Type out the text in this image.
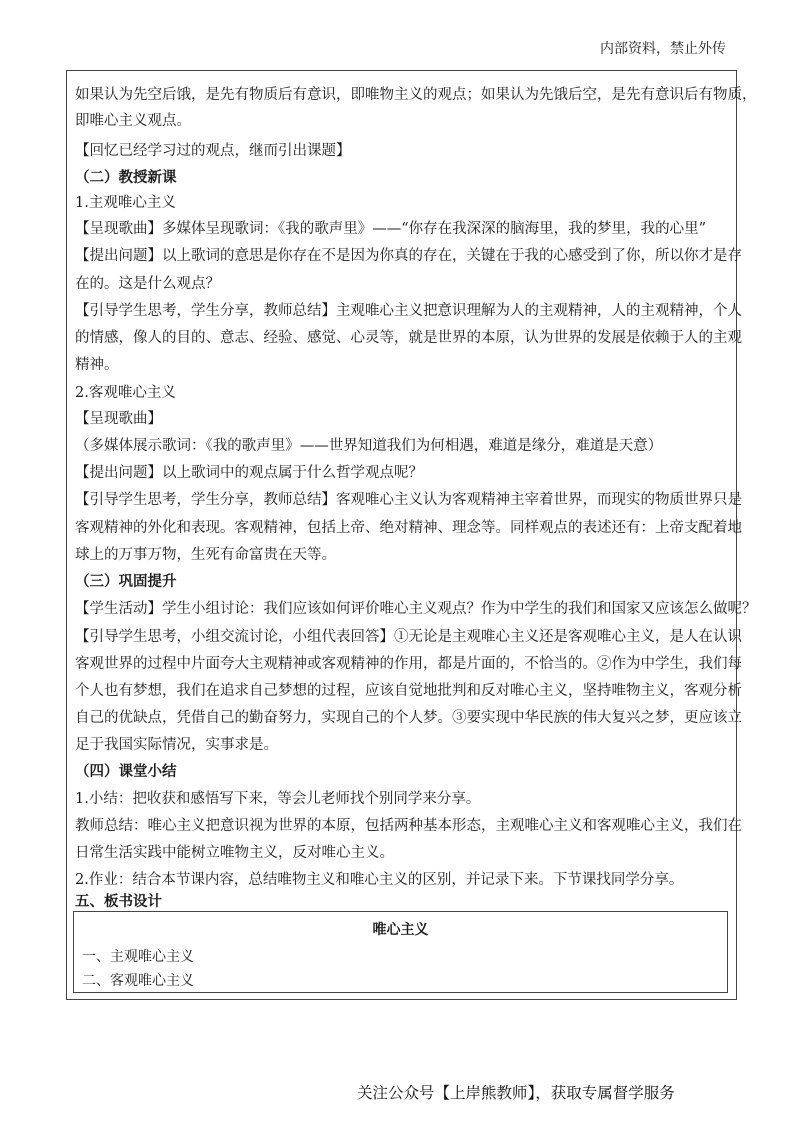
内部资料，禁止外传
如果认为先空后饿，是先有物质后有意识，即唯物主义的观点；如果认为先饿后空，是先有意识后有物质，
即唯心主义观点。
【回忆已经学习过的观点，继而引出课题】
（二）教授新课
1.主观唯心主义
【呈现歌曲】多媒体呈现歌词：《我的歌声里》——“你存在我深深的脑海里，我的梦里，我的心里”
【提出问题】以上歌词的意思是你存在不是因为你真的存在，关键在于我的心感受到了你，所以你才是存
在的。这是什么观点？
【引导学生思考，学生分享，教师总结】主观唯心主义把意识理解为人的主观精神，人的主观精神，个人
的情感，像人的目的、意志、经验、感觉、心灵等，就是世界的本原，认为世界的发展是依赖于人的主观
精神。
2.客观唯心主义
【呈现歌曲】
（多媒体展示歌词：《我的歌声里》——世界知道我们为何相遇，难道是缘分，难道是天意）
【提出问题】以上歌词中的观点属于什么哲学观点呢？
【引导学生思考，学生分享，教师总结】客观唯心主义认为客观精神主宰着世界，而现实的物质世界只是
客观精神的外化和表现。客观精神，包括上帝、绝对精神、理念等。同样观点的表述还有：上帝支配着地
球上的万事万物，生死有命富贵在天等。
（三）巩固提升
【学生活动】学生小组讨论：我们应该如何评价唯心主义观点？作为中学生的我们和国家又应该怎么做呢？
【引导学生思考，小组交流讨论，小组代表回答】①无论是主观唯心主义还是客观唯心主义，是人在认识
客观世界的过程中片面夸大主观精神或客观精神的作用，都是片面的，不恰当的。②作为中学生，我们每
个人也有梦想，我们在追求自己梦想的过程，应该自觉地批判和反对唯心主义，坚持唯物主义，客观分析
自己的优缺点，凭借自己的勤奋努力，实现自己的个人梦。③要实现中华民族的伟大复兴之梦，更应该立
足于我国实际情况，实事求是。
（四）课堂小结
1.小结：把收获和感悟写下来，等会儿老师找个别同学来分享。
教师总结：唯心主义把意识视为世界的本原，包括两种基本形态，主观唯心主义和客观唯心主义，我们在
日常生活实践中能树立唯物主义，反对唯心主义。
2.作业：结合本节课内容，总结唯物主义和唯心主义的区别，并记录下来。下节课找同学分享。
五、板书设计
唯心主义
一、主观唯心主义
二、客观唯心主义
关注公众号【上岸熊教师】，获取专属督学服务
